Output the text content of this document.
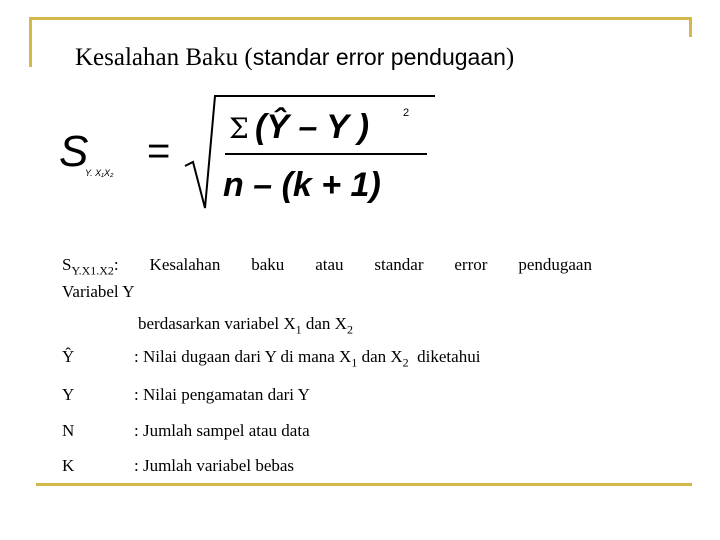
Kesalahan Baku (standar error pendugaan)
S
Y. X₁X₂ =
Σ (Ŷ – Y )	2
n – (k + 1)
$S_{Y.X1.X2}$: Kesalahan baku atau standar error pendugaan
Variabel Y
berdasarkan variabel $X_1$ dan $X_2$
Ŷ	: Nilai dugaan dari Y di mana $X_1$ dan $X_2$  diketahui
Y	: Nilai pengamatan dari Y
N	: Jumlah sampel atau data
K	: Jumlah variabel bebas
